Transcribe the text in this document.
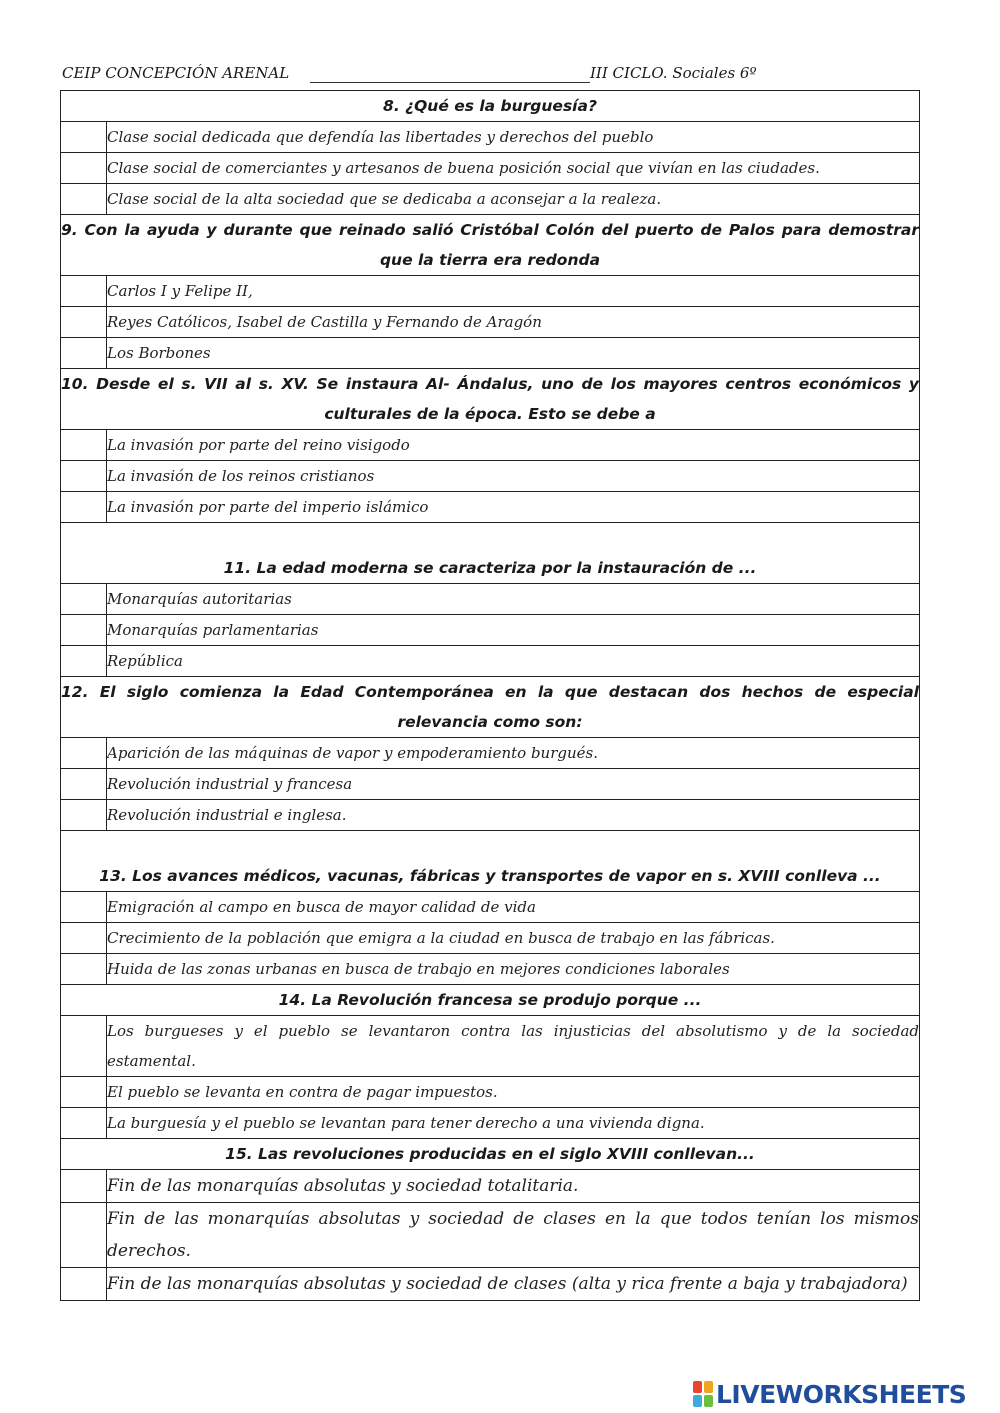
CEIP CONCEPCIÓN ARENAL	III CICLO. Sociales 6º
8. ¿Qué es la burguesía?	
	Clase social dedicada que defendía las libertades y derechos del pueblo
	Clase social de comerciantes y artesanos de buena posición social que vivían en las ciudades.
	Clase social de la alta sociedad que se dedicaba a aconsejar a la realeza.
9. Con la ayuda y durante que reinado salió Cristóbal Colón del puerto de Palos para demostrar que la tierra era redonda	
	Carlos I y Felipe II,
	Reyes Católicos, Isabel de Castilla y Fernando de Aragón
	Los Borbones
10. Desde el s. VII al s. XV. Se instaura Al- Ándalus, uno de los mayores centros económicos y culturales de la época. Esto se debe a	
	La invasión por parte del reino visigodo
	La invasión de los reinos cristianos
	La invasión por parte del imperio islámico
11. La edad moderna se caracteriza por la instauración de ...	
	Monarquías autoritarias
	Monarquías parlamentarias
	República
12. El siglo comienza la Edad Contemporánea en la que destacan dos hechos de especial relevancia como son:	
	Aparición de las máquinas de vapor y empoderamiento burgués.
	Revolución industrial y francesa
	Revolución industrial e inglesa.
13. Los avances médicos, vacunas, fábricas y transportes de vapor en s. XVIII conlleva ...	
	Emigración al campo en busca de mayor calidad de vida
	Crecimiento de la población que emigra a la ciudad en busca de trabajo en las fábricas.
	Huida de las zonas urbanas en busca de trabajo en mejores condiciones laborales
14. La Revolución francesa se produjo porque ...	
	Los burgueses y el pueblo se levantaron contra las injusticias del absolutismo y de la sociedad estamental.
	El pueblo se levanta en contra de pagar impuestos.
	La burguesía y el pueblo se levantan para tener derecho a una vivienda digna.
15. Las revoluciones producidas en el siglo XVIII conllevan...	
	Fin de las monarquías absolutas y sociedad totalitaria.
	Fin de las monarquías absolutas y sociedad de clases en la que todos tenían los mismos derechos.
	Fin de las monarquías absolutas y sociedad de clases (alta y rica frente a baja y trabajadora)
LIVEWORKSHEETS
